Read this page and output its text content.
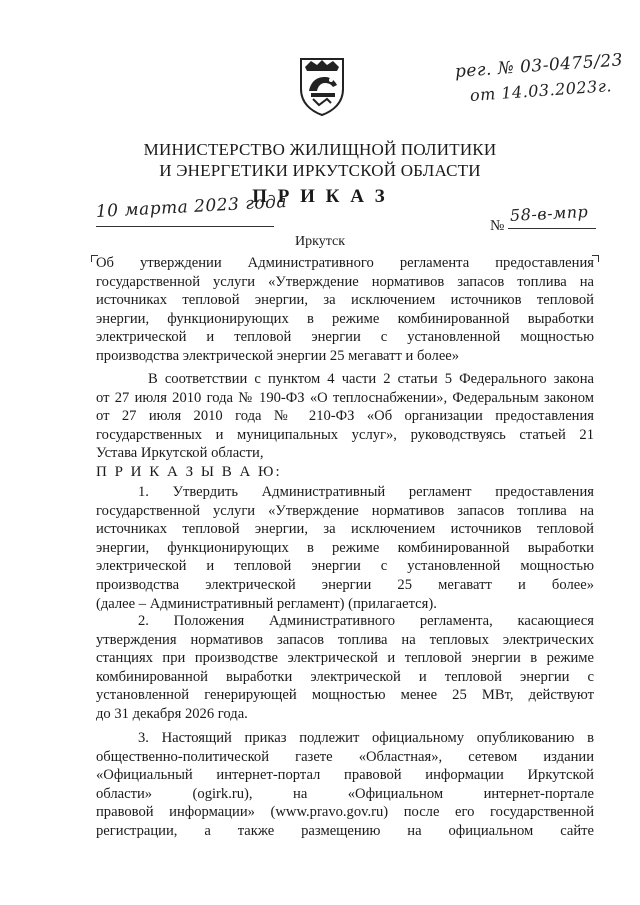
рег. № 03-0475/23
от 14.03.2023г.
МИНИСТЕРСТВО ЖИЛИЩНОЙ ПОЛИТИКИ
И ЭНЕРГЕТИКИ ИРКУТСКОЙ ОБЛАСТИ
П Р И К А З
10 марта 2023 года
№
58-в-мпр
Иркутск
Об утверждении Административного регламента предоставления
государственной услуги «Утверждение нормативов запасов топлива на
источниках тепловой энергии, за исключением источников тепловой
энергии, функционирующих в режиме комбинированной выработки
электрической и тепловой энергии с установленной мощностью
производства электрической энергии 25 мегаватт и более»
В соответствии с пунктом 4 части 2 статьи 5 Федерального закона
от 27 июля 2010 года № 190-ФЗ «О теплоснабжении», Федеральным законом
от 27 июля 2010 года № 210-ФЗ «Об организации предоставления
государственных и муниципальных услуг», руководствуясь статьей 21
Устава Иркутской области,
П Р И К А З Ы В А Ю:
1. Утвердить Административный регламент предоставления
государственной услуги «Утверждение нормативов запасов топлива на
источниках тепловой энергии, за исключением источников тепловой
энергии, функционирующих в режиме комбинированной выработки
электрической и тепловой энергии с установленной мощностью
производства электрической энергии 25 мегаватт и более»
(далее – Административный регламент) (прилагается).
2. Положения Административного регламента, касающиеся
утверждения нормативов запасов топлива на тепловых электрических
станциях при производстве электрической и тепловой энергии в режиме
комбинированной выработки электрической и тепловой энергии с
установленной генерирующей мощностью менее 25 МВт, действуют
до 31 декабря 2026 года.
3. Настоящий приказ подлежит официальному опубликованию в
общественно-политической газете «Областная», сетевом издании
«Официальный интернет-портал правовой информации Иркутской
области» (ogirk.ru), на «Официальном интернет-портале
правовой информации» (www.pravo.gov.ru) после его государственной
регистрации, а также размещению на официальном сайте
